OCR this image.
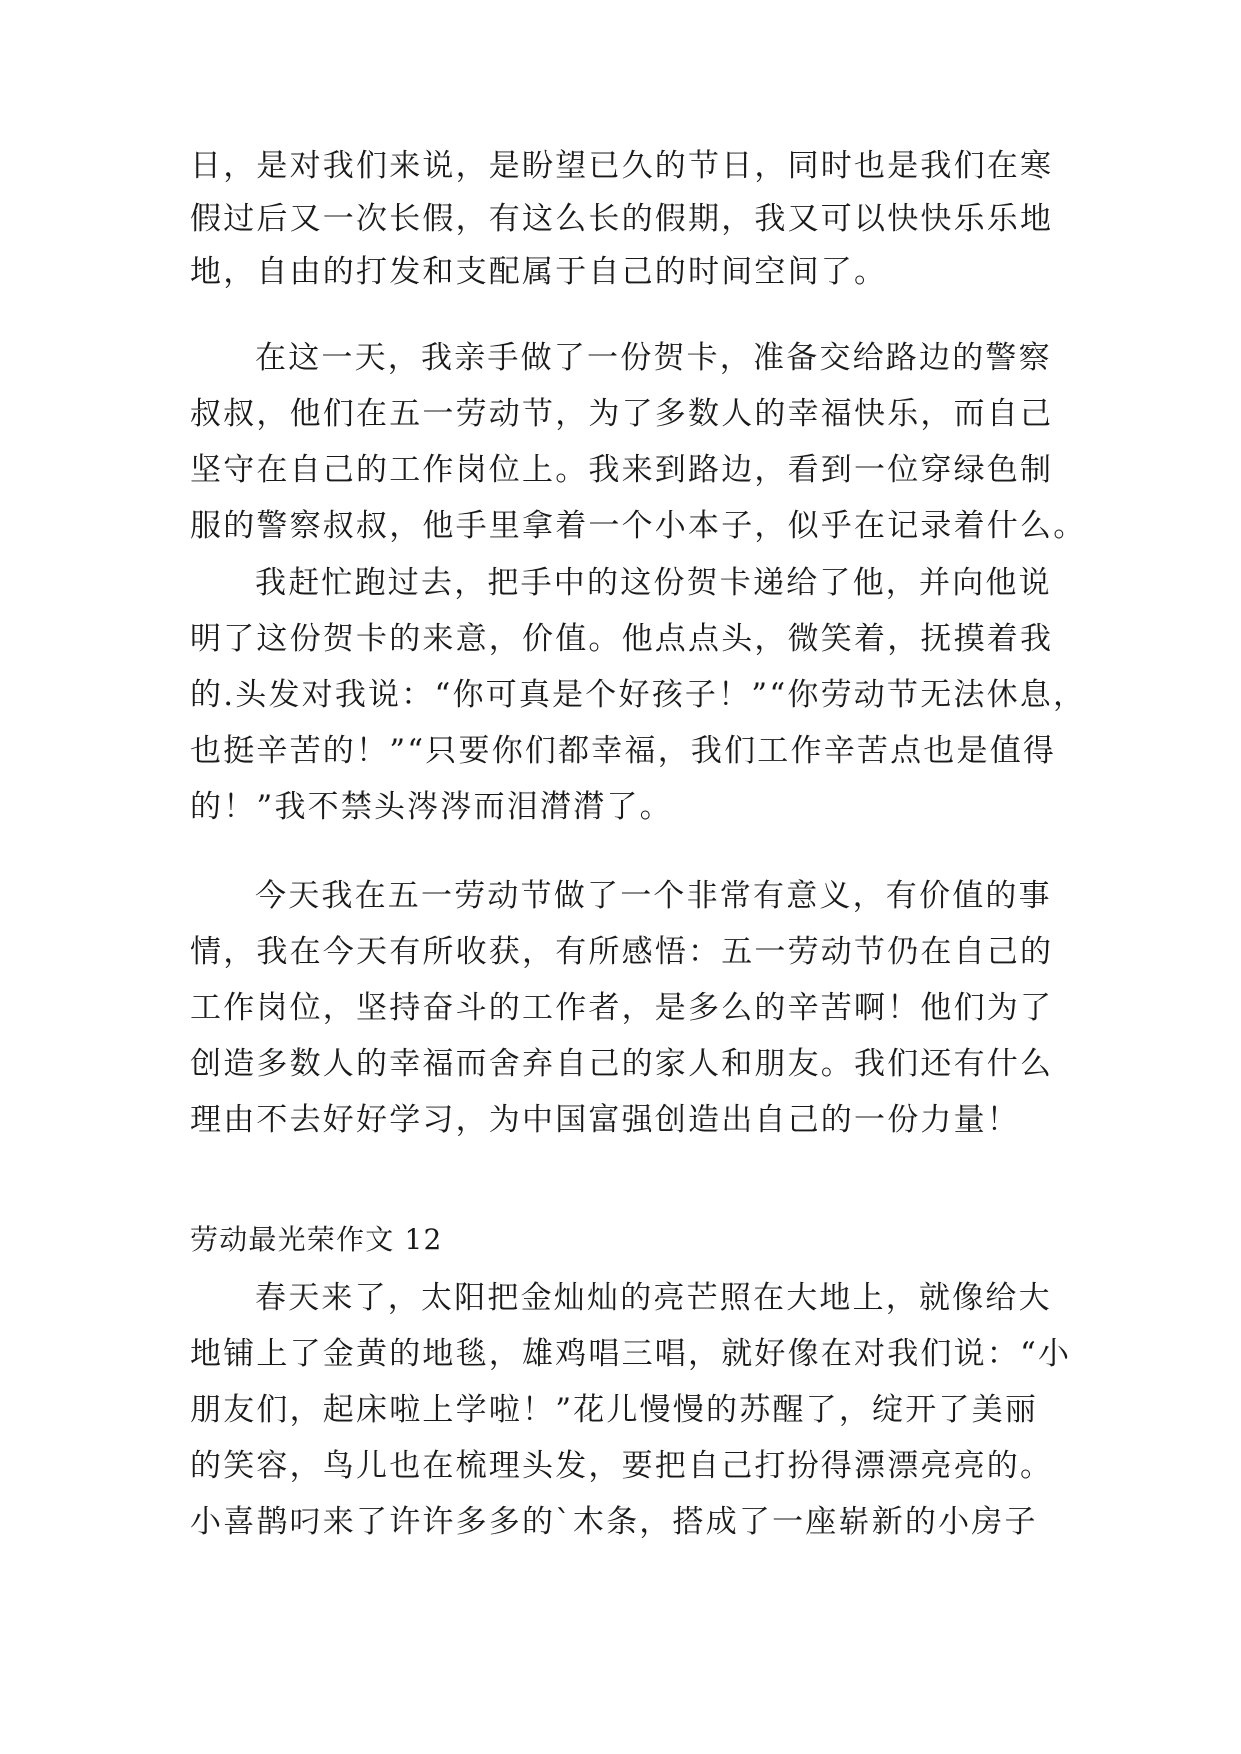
日，是对我们来说，是盼望已久的节日，同时也是我们在寒
假过后又一次长假，有这么长的假期，我又可以快快乐乐地
地，自由的打发和支配属于自己的时间空间了。
在这一天，我亲手做了一份贺卡，准备交给路边的警察
叔叔，他们在五一劳动节，为了多数人的幸福快乐，而自己
坚守在自己的工作岗位上。我来到路边，看到一位穿绿色制
服的警察叔叔，他手里拿着一个小本子，似乎在记录着什么。
我赶忙跑过去，把手中的这份贺卡递给了他，并向他说
明了这份贺卡的来意，价值。他点点头，微笑着，抚摸着我
的.头发对我说：“你可真是个好孩子！”“你劳动节无法休息，
也挺辛苦的！”“只要你们都幸福，我们工作辛苦点也是值得
的！”我不禁头涔涔而泪潸潸了。
今天我在五一劳动节做了一个非常有意义，有价值的事
情，我在今天有所收获，有所感悟：五一劳动节仍在自己的
工作岗位，坚持奋斗的工作者，是多么的辛苦啊！他们为了
创造多数人的幸福而舍弃自己的家人和朋友。我们还有什么
理由不去好好学习，为中国富强创造出自己的一份力量！
劳动最光荣作文 12
春天来了，太阳把金灿灿的亮芒照在大地上，就像给大
地铺上了金黄的地毯，雄鸡唱三唱，就好像在对我们说：“小
朋友们，起床啦上学啦！”花儿慢慢的苏醒了，绽开了美丽
的笑容，鸟儿也在梳理头发，要把自己打扮得漂漂亮亮的。
小喜鹊叼来了许许多多的`木条，搭成了一座崭新的小房子
